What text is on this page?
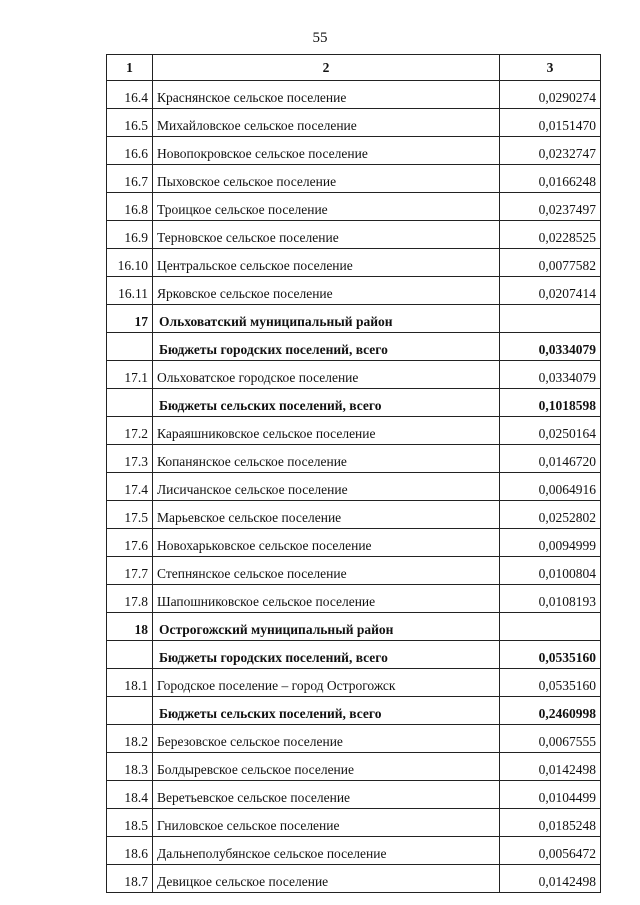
55
1	2	3
16.4	Краснянское сельское поселение	0,0290274
16.5	Михайловское сельское поселение	0,0151470
16.6	Новопокровское сельское поселение	0,0232747
16.7	Пыховское сельское поселение	0,0166248
16.8	Троицкое сельское поселение	0,0237497
16.9	Терновское сельское поселение	0,0228525
16.10	Центральское сельское поселение	0,0077582
16.11	Ярковское сельское поселение	0,0207414
17	Ольховатский муниципальный район	
	Бюджеты городских поселений, всего	0,0334079
17.1	Ольховатское городское поселение	0,0334079
	Бюджеты сельских поселений, всего	0,1018598
17.2	Караяшниковское сельское поселение	0,0250164
17.3	Копанянское сельское поселение	0,0146720
17.4	Лисичанское сельское поселение	0,0064916
17.5	Марьевское сельское поселение	0,0252802
17.6	Новохарьковское сельское поселение	0,0094999
17.7	Степнянское сельское поселение	0,0100804
17.8	Шапошниковское сельское поселение	0,0108193
18	Острогожский муниципальный район	
	Бюджеты городских поселений, всего	0,0535160
18.1	Городское поселение – город Острогожск	0,0535160
	Бюджеты сельских поселений, всего	0,2460998
18.2	Березовское сельское поселение	0,0067555
18.3	Болдыревское сельское поселение	0,0142498
18.4	Веретьевское сельское поселение	0,0104499
18.5	Гниловское сельское поселение	0,0185248
18.6	Дальнеполубянское сельское поселение	0,0056472
18.7	Девицкое сельское поселение	0,0142498
